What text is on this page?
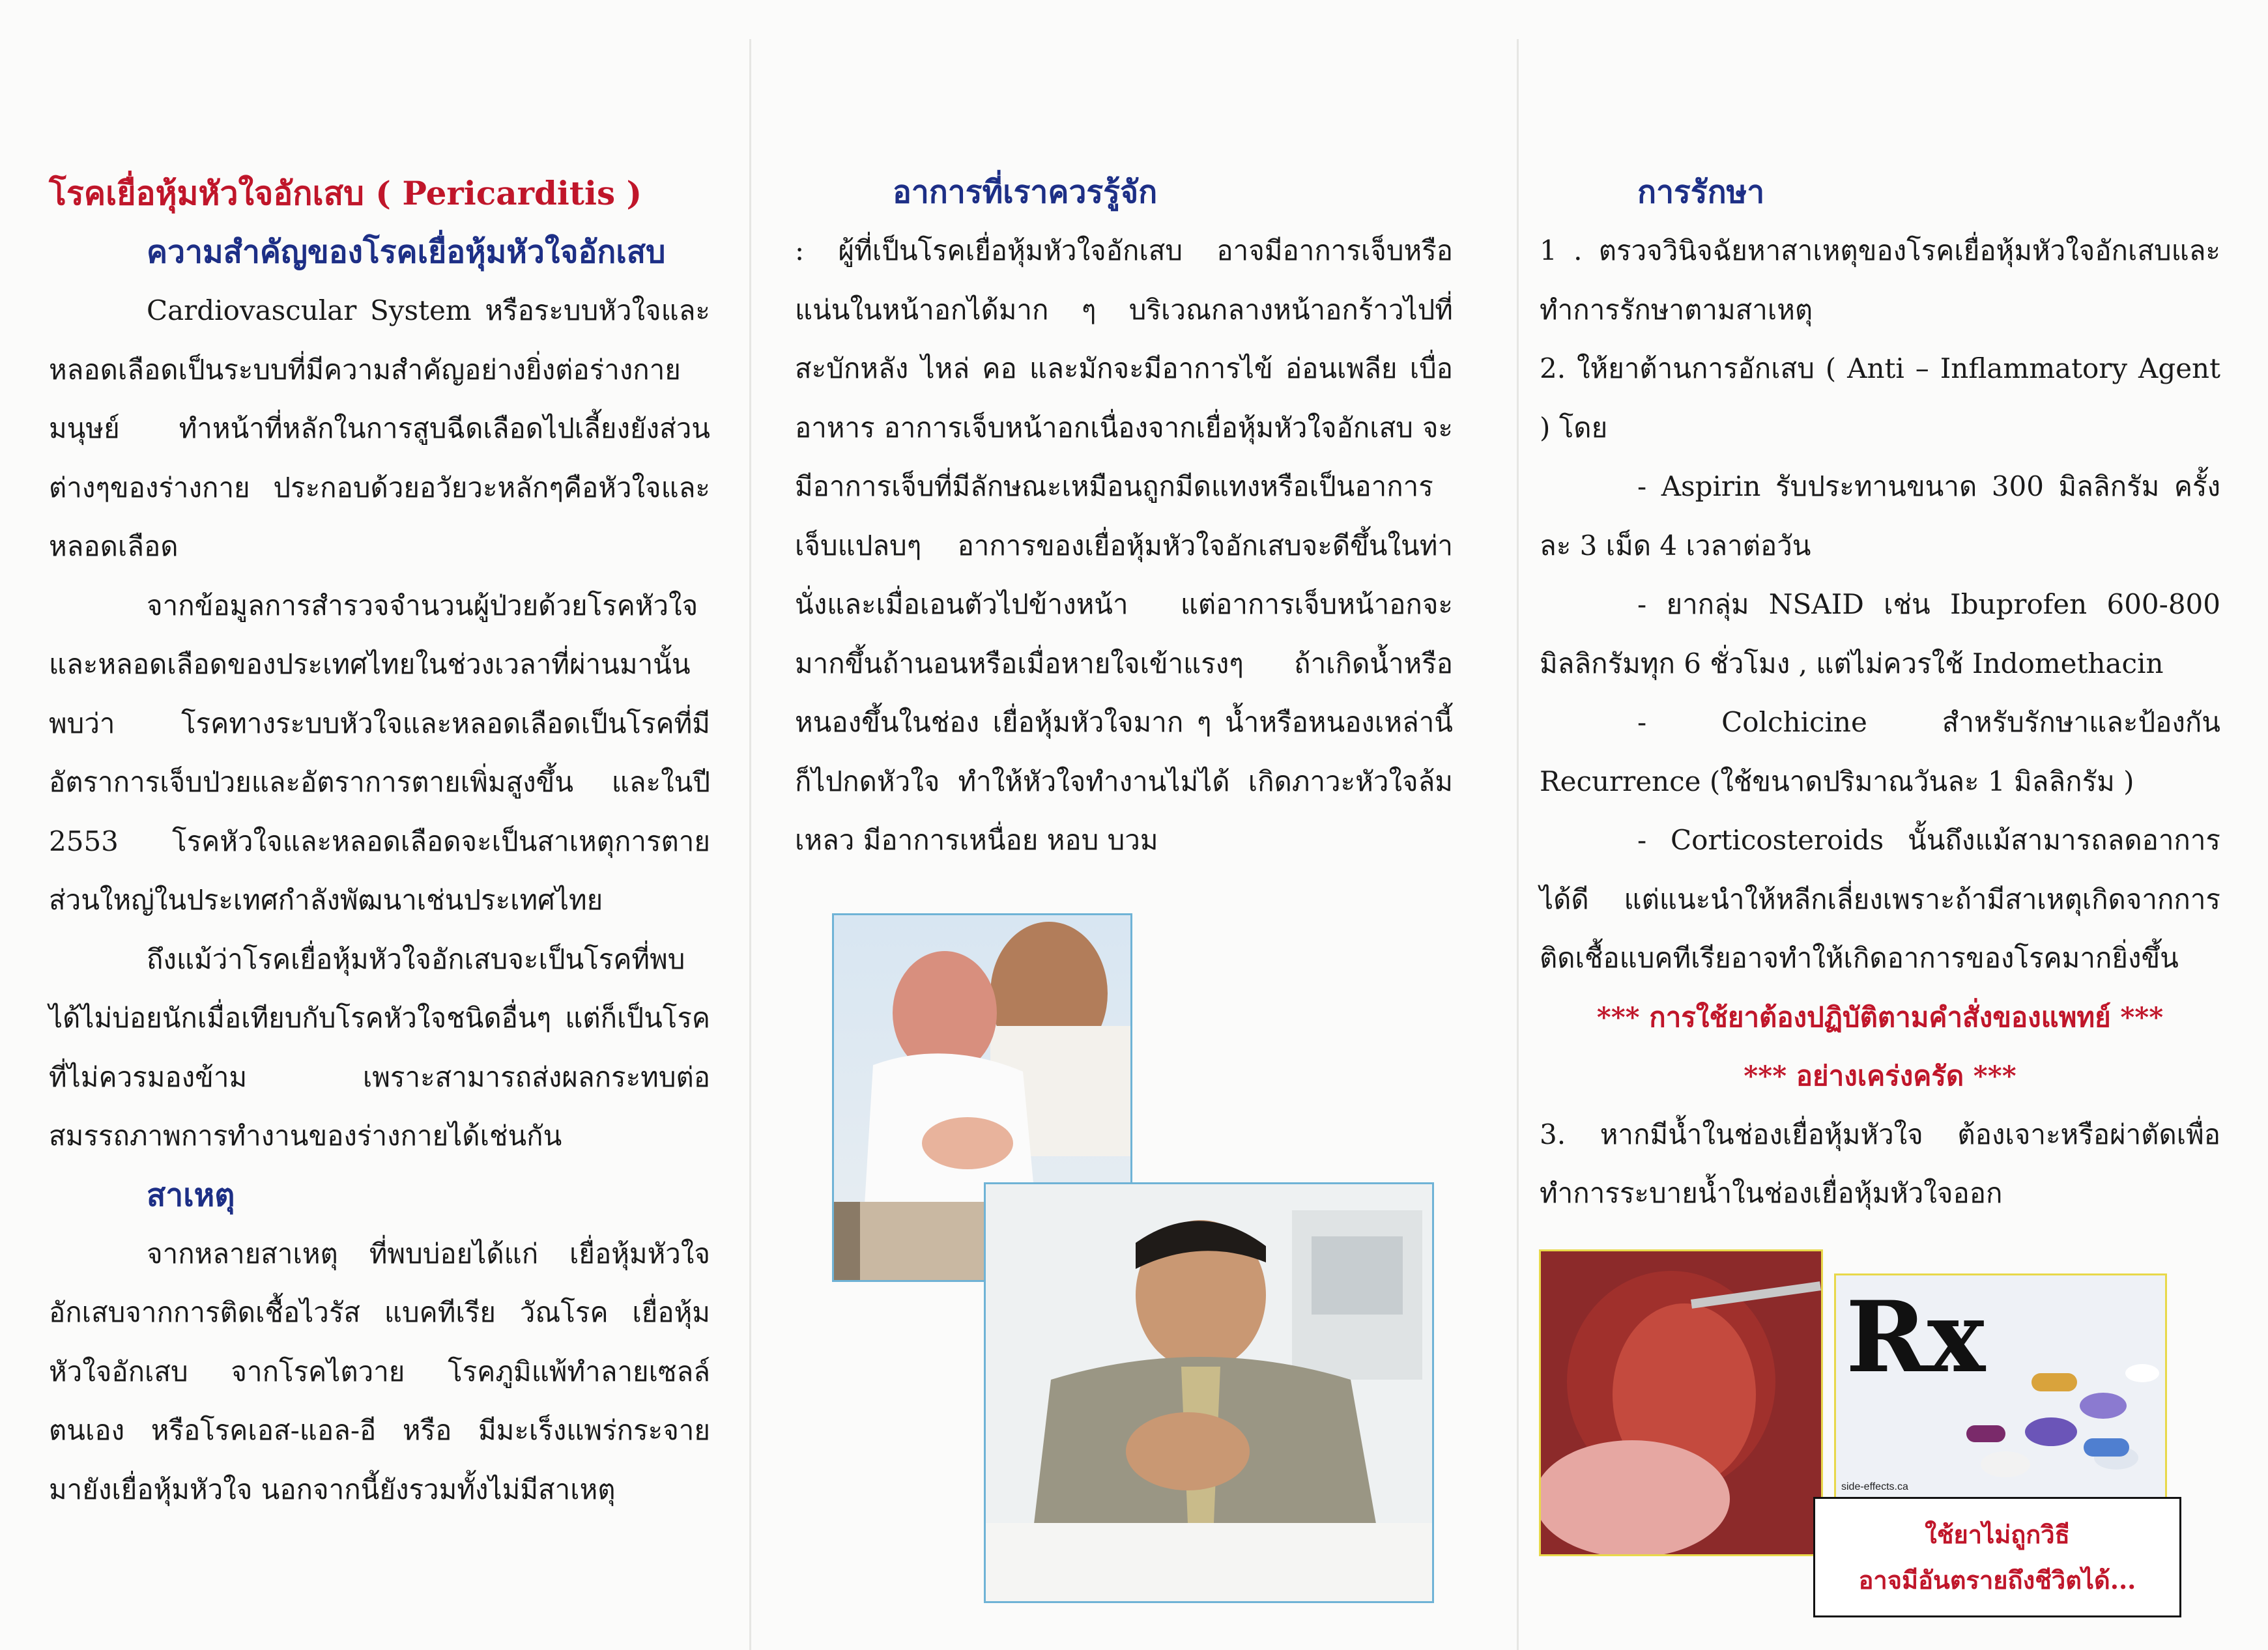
โรคเยื่อหุ้มหัวใจอักเสบ ( Pericarditis )
ความสำคัญของโรคเยื่อหุ้มหัวใจอักเสบ

Cardiovascular System หรือระบบหัวใจและหลอดเลือดเป็นระบบที่มีความสำคัญอย่างยิ่งต่อร่างกายมนุษย์ ทำหน้าที่หลักในการสูบฉีดเลือดไปเลี้ยงยังส่วนต่างๆของร่างกาย ประกอบด้วยอวัยวะหลักๆคือหัวใจและหลอดเลือด

จากข้อมูลการสำรวจจำนวนผู้ป่วยด้วยโรคหัวใจและหลอดเลือดของประเทศไทยในช่วงเวลาที่ผ่านมานั้นพบว่า โรคทางระบบหัวใจและหลอดเลือดเป็นโรคที่มีอัตราการเจ็บป่วยและอัตราการตายเพิ่มสูงขึ้น และในปี 2553 โรคหัวใจและหลอดเลือดจะเป็นสาเหตุการตาย ส่วนใหญ่ในประเทศกำลังพัฒนาเช่นประเทศไทย

ถึงแม้ว่าโรคเยื่อหุ้มหัวใจอักเสบจะเป็นโรคที่พบได้ไม่บ่อยนักเมื่อเทียบกับโรคหัวใจชนิดอื่นๆ แต่ก็เป็นโรคที่ไม่ควรมองข้าม เพราะสามารถส่งผลกระทบต่อสมรรถภาพการทำงานของร่างกายได้เช่นกัน

สาเหตุ

จากหลายสาเหตุ ที่พบบ่อยได้แก่ เยื่อหุ้มหัวใจอักเสบจากการติดเชื้อไวรัส แบคทีเรีย วัณโรค เยื่อหุ้มหัวใจอักเสบ จากโรคไตวาย โรคภูมิแพ้ทำลายเซลล์ตนเอง หรือโรคเอส-แอล-อี หรือ มีมะเร็งแพร่กระจายมายังเยื่อหุ้มหัวใจ นอกจากนี้ยังรวมทั้งไม่มีสาเหตุ

อาการที่เราควรรู้จัก

: ผู้ที่เป็นโรคเยื่อหุ้มหัวใจอักเสบ อาจมีอาการเจ็บหรือแน่นในหน้าอกได้มาก ๆ บริเวณกลางหน้าอกร้าวไปที่สะบักหลัง ไหล่ คอ และมักจะมีอาการไข้ อ่อนเพลีย เบื่ออาหาร อาการเจ็บหน้าอกเนื่องจากเยื่อหุ้มหัวใจอักเสบ จะมีอาการเจ็บที่มีลักษณะเหมือนถูกมีดแทงหรือเป็นอาการเจ็บแปลบๆ อาการของเยื่อหุ้มหัวใจอักเสบจะดีขึ้นในท่านั่งและเมื่อเอนตัวไปข้างหน้า แต่อาการเจ็บหน้าอกจะมากขึ้นถ้านอนหรือเมื่อหายใจเข้าแรงๆ ถ้าเกิดน้ำหรือหนองขึ้นในช่อง เยื่อหุ้มหัวใจมาก ๆ น้ำหรือหนองเหล่านี้ก็ไปกดหัวใจ ทำให้หัวใจทำงานไม่ได้ เกิดภาวะหัวใจล้มเหลว มีอาการเหนื่อย หอบ บวม

การรักษา

1 . ตรวจวินิจฉัยหาสาเหตุของโรคเยื่อหุ้มหัวใจอักเสบและทำการรักษาตามสาเหตุ

2. ให้ยาต้านการอักเสบ ( Anti – Inflammatory Agent ) โดย

- Aspirin รับประทานขนาด 300 มิลลิกรัม ครั้งละ 3 เม็ด 4 เวลาต่อวัน

- ยากลุ่ม NSAID เช่น Ibuprofen 600-800 มิลลิกรัมทุก 6 ชั่วโมง , แต่ไม่ควรใช้ Indomethacin

- Colchicine สำหรับรักษาและป้องกัน Recurrence (ใช้ขนาดปริมาณวันละ 1 มิลลิกรัม )

- Corticosteroids นั้นถึงแม้สามารถลดอาการได้ดี แต่แนะนำให้หลีกเลี่ยงเพราะถ้ามีสาเหตุเกิดจากการติดเชื้อแบคทีเรียอาจทำให้เกิดอาการของโรคมากยิ่งขึ้น

*** การใช้ยาต้องปฏิบัติตามคำสั่งของแพทย์ ***

*** อย่างเคร่งครัด ***

3. หากมีน้ำในช่องเยื่อหุ้มหัวใจ ต้องเจาะหรือผ่าตัดเพื่อทำการระบายน้ำในช่องเยื่อหุ้มหัวใจออก

Rx
side-effects.ca
ใช้ยาไม่ถูกวิธี
อาจมีอันตรายถึงชีวิตได้...
